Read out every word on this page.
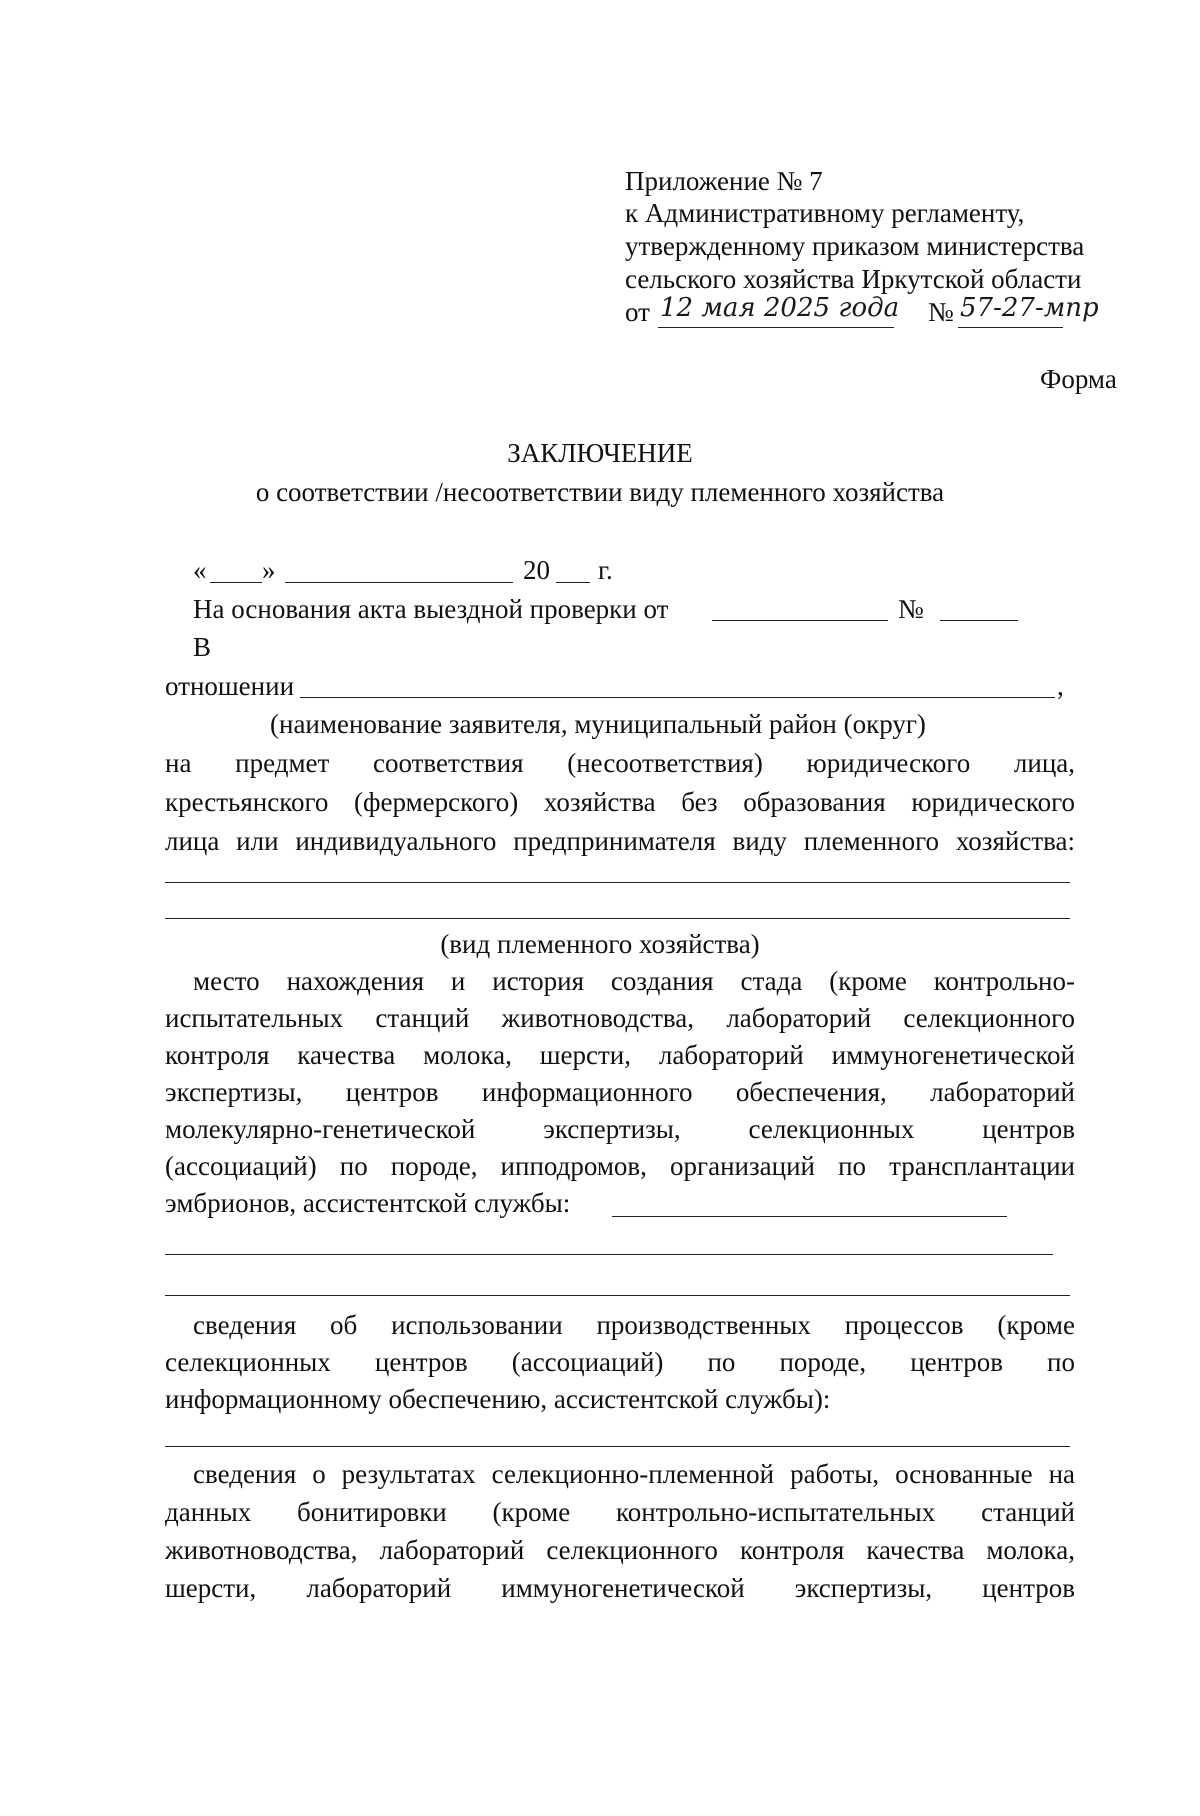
Приложение № 7
к Административному регламенту,
утвержденному приказом министерства
сельского хозяйства Иркутской области
от 12 мая 2025 года № 57-27-мпр
Форма
ЗАКЛЮЧЕНИЕ
о соответствии /несоответствии виду племенного хозяйства
« »	20 г.
На основания акта выездной проверки от	№
В
отношении	,
(наименование заявителя, муниципальный район (округ)
на предмет соответствия (несоответствия) юридического лица,
крестьянского (фермерского) хозяйства без образования юридического
лица или индивидуального предпринимателя виду племенного хозяйства:
(вид племенного хозяйства)
место нахождения и история создания стада (кроме контрольно-
испытательных станций животноводства, лабораторий селекционного
контроля качества молока, шерсти, лабораторий иммуногенетической
экспертизы, центров информационного обеспечения, лабораторий
молекулярно-генетической экспертизы, селекционных центров
(ассоциаций) по породе, ипподромов, организаций по трансплантации
эмбрионов, ассистентской службы:
сведения об использовании производственных процессов (кроме
селекционных центров (ассоциаций) по породе, центров по
информационному обеспечению, ассистентской службы):
сведения о результатах селекционно-племенной работы, основанные на
данных бонитировки (кроме контрольно-испытательных станций
животноводства, лабораторий селекционного контроля качества молока,
шерсти, лабораторий иммуногенетической экспертизы, центров
